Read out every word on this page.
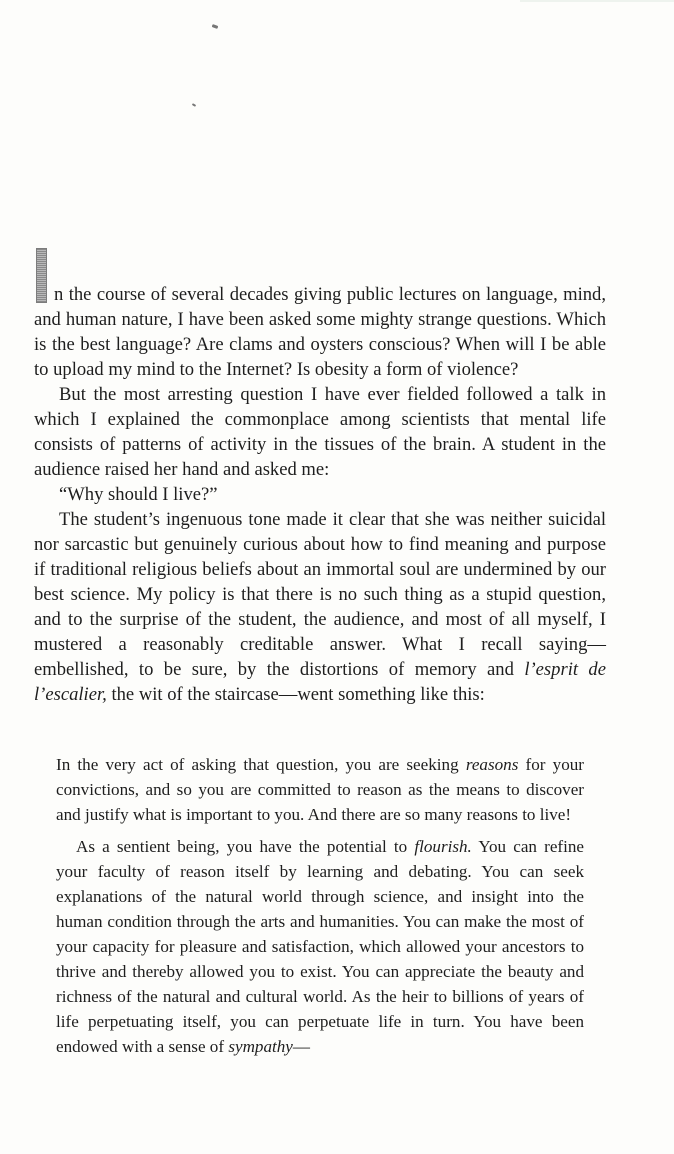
n the course of several decades giving public lectures on language, mind, and human nature, I have been asked some mighty strange questions. Which is the best language? Are clams and oysters conscious? When will I be able to upload my mind to the Internet? Is obesity a form of violence?

But the most arresting question I have ever fielded followed a talk in which I explained the commonplace among scientists that mental life consists of patterns of activity in the tissues of the brain. A student in the audience raised her hand and asked me:

“Why should I live?”

The student’s ingenuous tone made it clear that she was neither suicidal nor sarcastic but genuinely curious about how to find meaning and purpose if traditional religious beliefs about an immortal soul are undermined by our best science. My policy is that there is no such thing as a stupid question, and to the surprise of the student, the audience, and most of all myself, I mustered a reasonably creditable answer. What I recall saying—embellished, to be sure, by the distortions of memory and l’esprit de l’escalier, the wit of the staircase—went something like this:

In the very act of asking that question, you are seeking reasons for your convictions, and so you are committed to reason as the means to discover and justify what is important to you. And there are so many reasons to live!

As a sentient being, you have the potential to flourish. You can refine your faculty of reason itself by learning and debating. You can seek explanations of the natural world through science, and insight into the human condition through the arts and humanities. You can make the most of your capacity for pleasure and satisfaction, which allowed your ancestors to thrive and thereby allowed you to exist. You can appreciate the beauty and richness of the natural and cultural world. As the heir to billions of years of life perpetuating itself, you can perpetuate life in turn. You have been endowed with a sense of sympathy—
